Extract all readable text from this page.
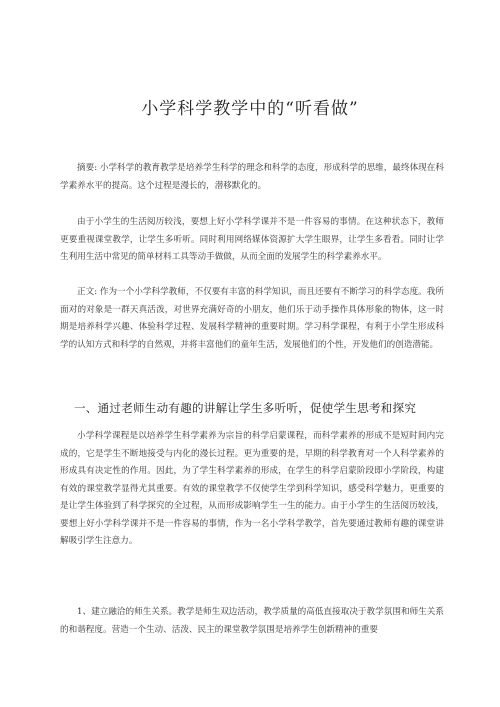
小学科学教学中的“听看做”

摘要: 小学科学的教育教学是培养学生科学的理念和科学的态度，形成科学的思维，最终体现在科学素养水平的提高。这个过程是漫长的，潜移默化的。

由于小学生的生活阅历较浅，要想上好小学科学课并不是一件容易的事情。在这种状态下，教师更要重视课堂教学，让学生多听听。同时利用网络媒体资源扩大学生眼界，让学生多看看。同时让学生利用生活中常见的简单材料工具等动手做做，从而全面的发展学生的科学素养水平。

正文: 作为一个小学科学教师，不仅要有丰富的科学知识，而且还要有不断学习的科学态度。我所面对的对象是一群天真活泼，对世界充满好奇的小朋友，他们乐于动手操作具体形象的物体，这一时期是培养科学兴趣、体验科学过程、发展科学精神的重要时期。学习科学课程，有利于小学生形成科学的认知方式和科学的自然观，并将丰富他们的童年生活，发展他们的个性，开发他们的创造潜能。

一、通过老师生动有趣的讲解让学生多听听，促使学生思考和探究

小学科学课程是以培养学生科学素养为宗旨的科学启蒙课程，而科学素养的形成不是短时间内完成的，它是学生不断地接受与内化的漫长过程。更为重要的是，早期的科学教育对一个人科学素养的形成具有决定性的作用。因此，为了学生科学素养的形成，在学生的科学启蒙阶段即小学阶段，构建有效的课堂教学显得尤其重要。有效的课堂教学不仅使学生学到科学知识，感受科学魅力，更重要的是让学生体验到了科学探究的全过程，从而形成影响学生一生的能力。由于小学生的生活阅历较浅，要想上好小学科学课并不是一件容易的事情，作为一名小学科学教学，首先要通过教师有趣的课堂讲解吸引学生注意力。

1、建立融洽的师生关系。教学是师生双边活动，教学质量的高低直接取决于教学氛围和师生关系的和谐程度。营造一个生动、活泼、民主的课堂教学氛围是培养学生创新精神的重要
